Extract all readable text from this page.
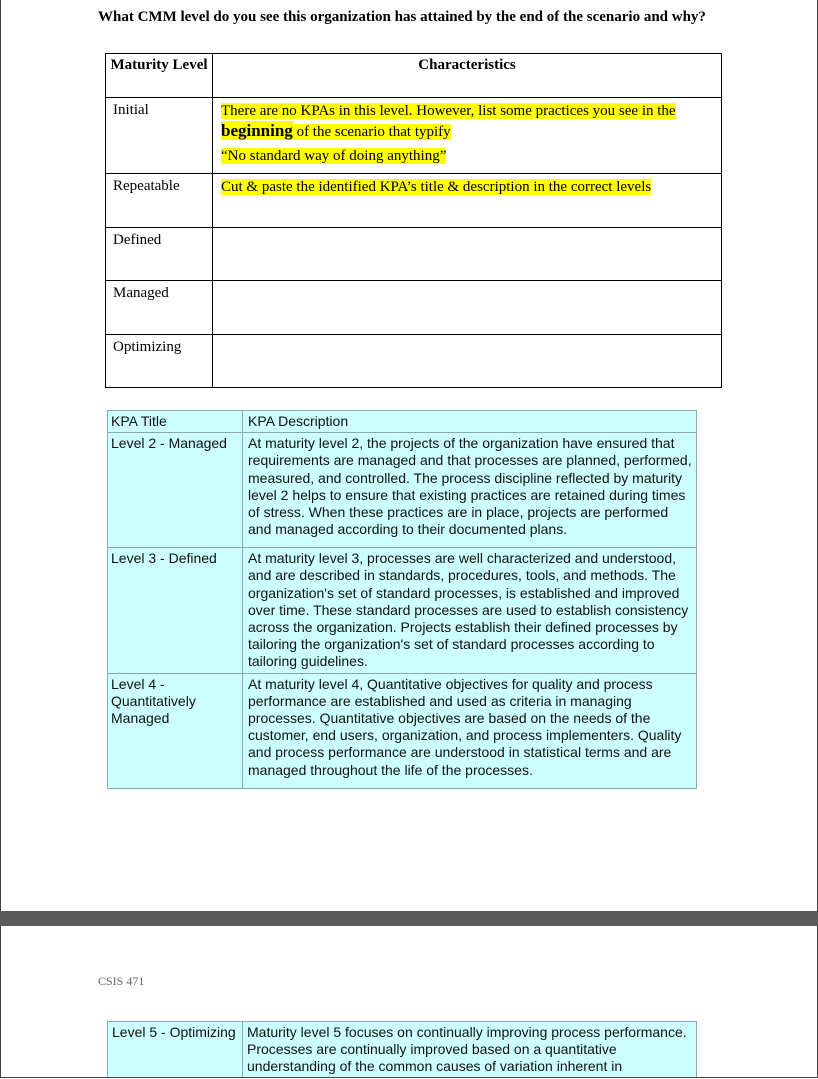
What CMM level do you see this organization has attained by the end of the scenario and why?
Maturity Level	Characteristics
Initial	There are no KPAs in this level. However, list some practices you see in the beginning of the scenario that typify
“No standard way of doing anything”

Repeatable	Cut & paste the identified KPA’s title & description in the correct levels
Defined	
Managed	
Optimizing	
KPA Title	KPA Description
Level 2 - Managed	At maturity level 2, the projects of the organization have ensured that requirements are managed and that processes are planned, performed, measured, and controlled. The process discipline reflected by maturity level 2 helps to ensure that existing practices are retained during times of stress. When these practices are in place, projects are performed and managed according to their documented plans.
Level 3 - Defined	At maturity level 3, processes are well characterized and understood, and are described in standards, procedures, tools, and methods. The organization's set of standard processes, is established and improved over time. These standard processes are used to establish consistency across the organization. Projects establish their defined processes by tailoring the organization's set of standard processes according to tailoring guidelines.
Level 4 - Quantitatively Managed	At maturity level 4, Quantitative objectives for quality and process performance are established and used as criteria in managing processes. Quantitative objectives are based on the needs of the customer, end users, organization, and process implementers. Quality and process performance are understood in statistical terms and are managed throughout the life of the processes.
CSIS 471
Level 5 - Optimizing	Maturity level 5 focuses on continually improving process performance. Processes are continually improved based on a quantitative understanding of the common causes of variation inherent in
